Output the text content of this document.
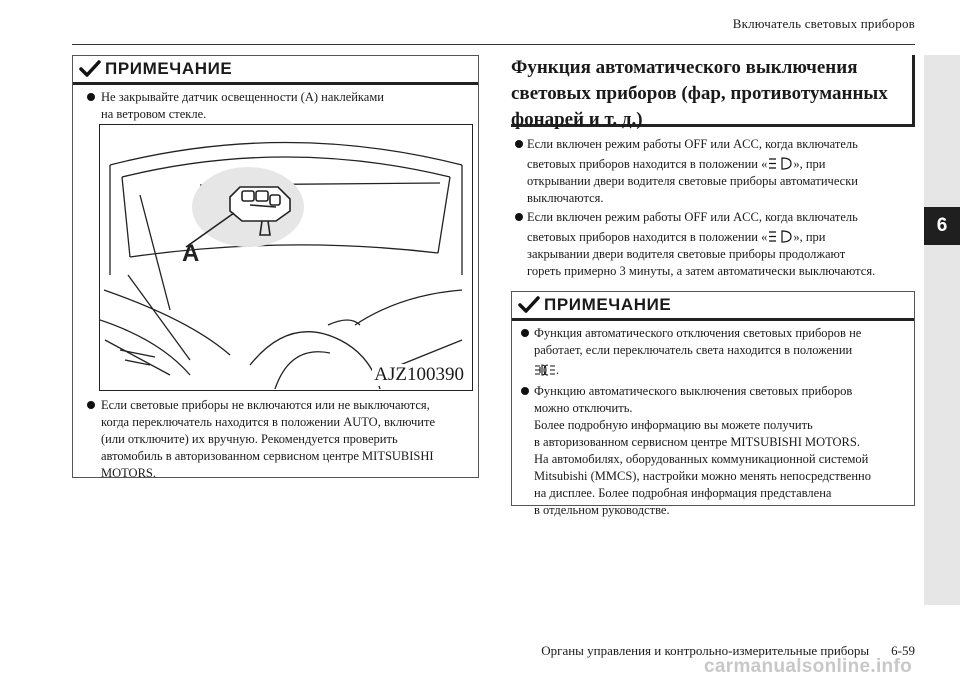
Включатель световых приборов
6
ПРИМЕЧАНИЕ
Не закрывайте датчик освещенности (A) наклейками
на ветровом стекле.
A
AJZ100390
Если световые приборы не включаются или не выключаются,
когда переключатель находится в положении AUTO, включите
(или отключите) их вручную. Рекомендуется проверить
автомобиль в авторизованном сервисном центре MITSUBISHI
MOTORS.
Функция автоматического выключения
световых приборов (фар, противотуманных
фонарей и т. д.)
Если включен режим работы OFF или ACC, когда включатель
световых приборов находится в положении « », при
открывании двери водителя световые приборы автоматически
выключаются.
Если включен режим работы OFF или ACC, когда включатель
световых приборов находится в положении « », при
закрывании двери водителя световые приборы продолжают
гореть примерно 3 минуты, а затем автоматически выключаются.
ПРИМЕЧАНИЕ
Функция автоматического отключения световых приборов не
работает, если переключатель света находится в положении
.
Функцию автоматического выключения световых приборов
можно отключить.
Более подробную информацию вы можете получить
в авторизованном сервисном центре MITSUBISHI MOTORS.
На автомобилях, оборудованных коммуникационной системой
Mitsubishi (MMCS), настройки можно менять непосредственно
на дисплее. Более подробная информация представлена
в отдельном руководстве.
Органы управления и контрольно-измерительные приборы 6-59
carmanualsonline.info
